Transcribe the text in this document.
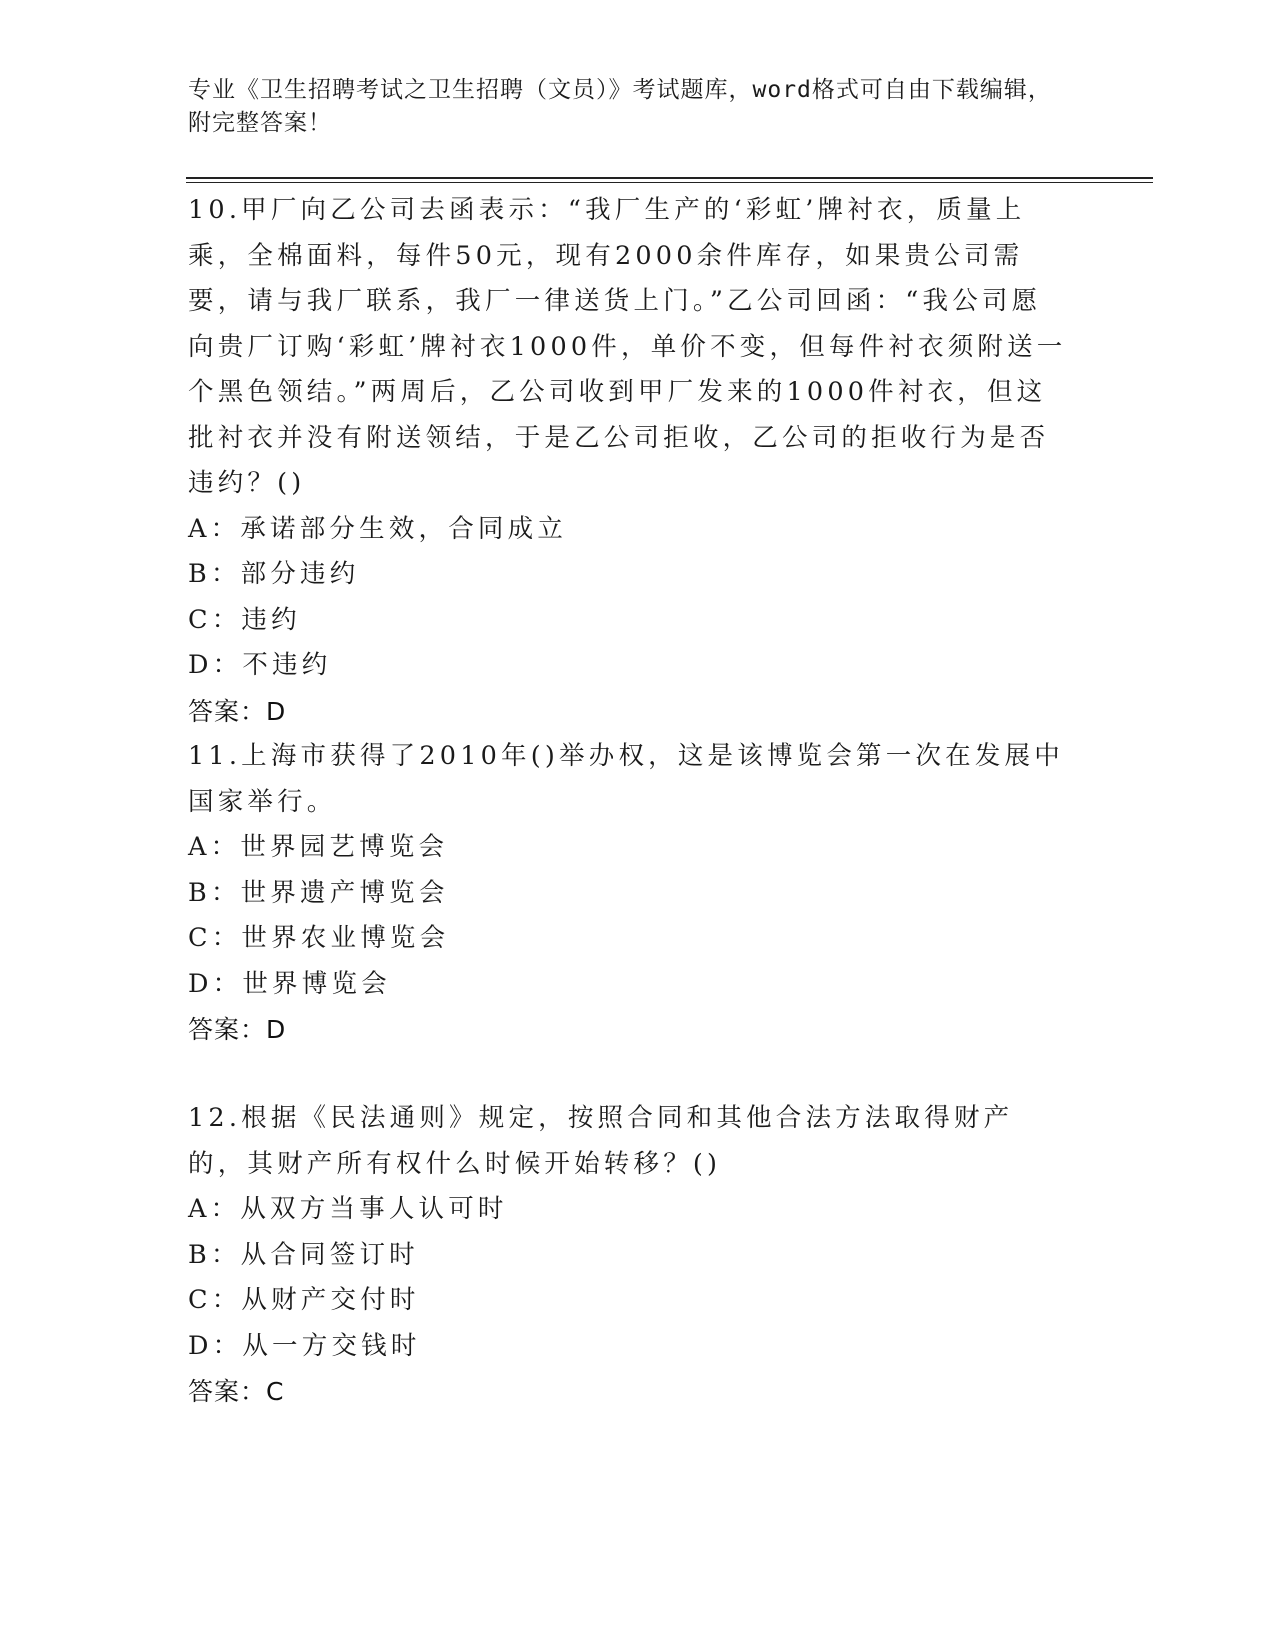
专业《卫生招聘考试之卫生招聘（文员）》考试题库，word格式可自由下载编辑，附完整答案！

10.甲厂向乙公司去函表示：“我厂生产的‘彩虹’牌衬衣，质量上乘，全棉面料，每件50元，现有2000余件库存，如果贵公司需要，请与我厂联系，我厂一律送货上门。”乙公司回函：“我公司愿向贵厂订购‘彩虹’牌衬衣1000件，单价不变，但每件衬衣须附送一个黑色领结。”两周后，乙公司收到甲厂发来的1000件衬衣，但这批衬衣并没有附送领结，于是乙公司拒收，乙公司的拒收行为是否违约？()

A：承诺部分生效，合同成立

B：部分违约

C：违约

D：不违约

答案：D

11.上海市获得了2010年()举办权，这是该博览会第一次在发展中国家举行。

A：世界园艺博览会

B：世界遗产博览会

C：世界农业博览会

D：世界博览会

答案：D

12.根据《民法通则》规定，按照合同和其他合法方法取得财产的，其财产所有权什么时候开始转移？()

A：从双方当事人认可时

B：从合同签订时

C：从财产交付时

D：从一方交钱时

答案：C
